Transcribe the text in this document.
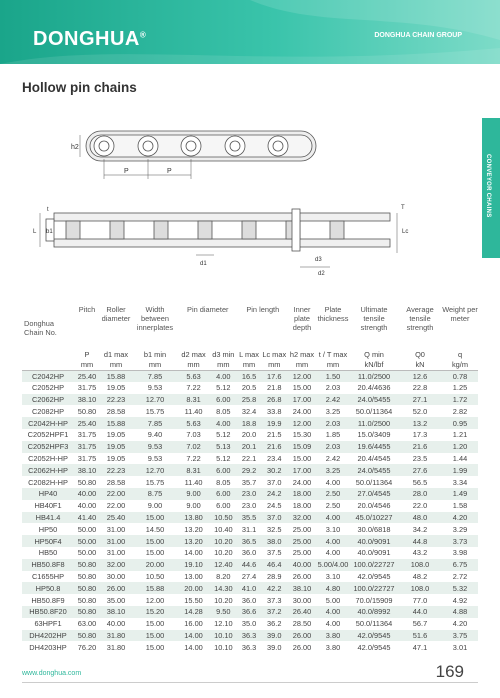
DONGHUA®	DONGHUA CHAIN GROUP
Hollow pin chains
CONVEYOR CHAINS
h2
P	P
t
b1
L	Lc
T
d1
d3
d2
Donghua Chain No.	Pitch	Roller diameter	Width between innerplates	Pin diameter		Pin length		Inner plate depth	Plate thickness	Ultimate tensile strength	Average tensile strength	Weight per meter
	P	d1 max	b1 min	d2 max	d3 min	L max	Lc max	h2 max	t / T max	Q min	Q0	q
	mm	mm	mm	mm	mm	mm	mm	mm	mm	kN/lbf	kN	kg/m
C2042HP	25.40	15.88	7.85	5.63	4.00	16.5	17.6	12.00	1.50	11.0/2500	12.6	0.78
C2052HP	31.75	19.05	9.53	7.22	5.12	20.5	21.8	15.00	2.03	20.4/4636	22.8	1.25
C2062HP	38.10	22.23	12.70	8.31	6.00	25.8	26.8	17.00	2.42	24.0/5455	27.1	1.72
C2082HP	50.80	28.58	15.75	11.40	8.05	32.4	33.8	24.00	3.25	50.0/11364	52.0	2.82
C2042H-HP	25.40	15.88	7.85	5.63	4.00	18.8	19.9	12.00	2.03	11.0/2500	13.2	0.95
C2052HPF1	31.75	19.05	9.40	7.03	5.12	20.0	21.5	15.30	1.85	15.0/3409	17.3	1.21
C2052HPF3	31.75	19.05	9.53	7.02	5.13	20.1	21.6	15.09	2.03	19.6/4455	21.6	1.20
C2052H-HP	31.75	19.05	9.53	7.22	5.12	22.1	23.4	15.00	2.42	20.4/4545	23.5	1.44
C2062H-HP	38.10	22.23	12.70	8.31	6.00	29.2	30.2	17.00	3.25	24.0/5455	27.6	1.99
C2082H-HP	50.80	28.58	15.75	11.40	8.05	35.7	37.0	24.00	4.00	50.0/11364	56.5	3.34
HP40	40.00	22.00	8.75	9.00	6.00	23.0	24.2	18.00	2.50	27.0/4545	28.0	1.49
HB40F1	40.00	22.00	9.00	9.00	6.00	23.0	24.5	18.00	2.50	20.0/4546	22.0	1.58
HB41.4	41.40	25.40	15.00	13.80	10.50	35.5	37.0	32.00	4.00	45.0/10227	48.0	4.20
HP50	50.00	31.00	14.50	13.20	10.40	31.1	32.5	25.00	3.10	30.0/6818	34.2	3.29
HP50F4	50.00	31.00	15.00	13.20	10.20	36.5	38.0	25.00	4.00	40.0/9091	44.8	3.73
HB50	50.00	31.00	15.00	14.00	10.20	36.0	37.5	25.00	4.00	40.0/9091	43.2	3.98
HB50.8F8	50.80	32.00	20.00	19.10	12.40	44.6	46.4	40.00	5.00/4.00	100.0/22727	108.0	6.75
C1655HP	50.80	30.00	10.50	13.00	8.20	27.4	28.9	26.00	3.10	42.0/9545	48.2	2.72
HP50.8	50.80	26.00	15.88	20.00	14.30	41.0	42.2	38.10	4.80	100.0/22727	108.0	5.32
HB50.8F9	50.80	35.00	12.00	15.50	10.20	36.0	37.3	30.00	5.00	70.0/15909	77.0	4.92
HB50.8F20	50.80	38.10	15.20	14.28	9.50	36.6	37.2	26.40	4.00	40.0/8992	44.0	4.88
63HPF1	63.00	40.00	15.00	16.00	12.10	35.0	36.2	28.50	4.00	50.0/11364	56.7	4.20
DH4202HP	50.80	31.80	15.00	14.00	10.10	36.3	39.0	26.00	3.80	42.0/9545	51.6	3.75
DH4203HP	76.20	31.80	15.00	14.00	10.10	36.3	39.0	26.00	3.80	42.0/9545	47.1	3.01
www.donghua.com	169
